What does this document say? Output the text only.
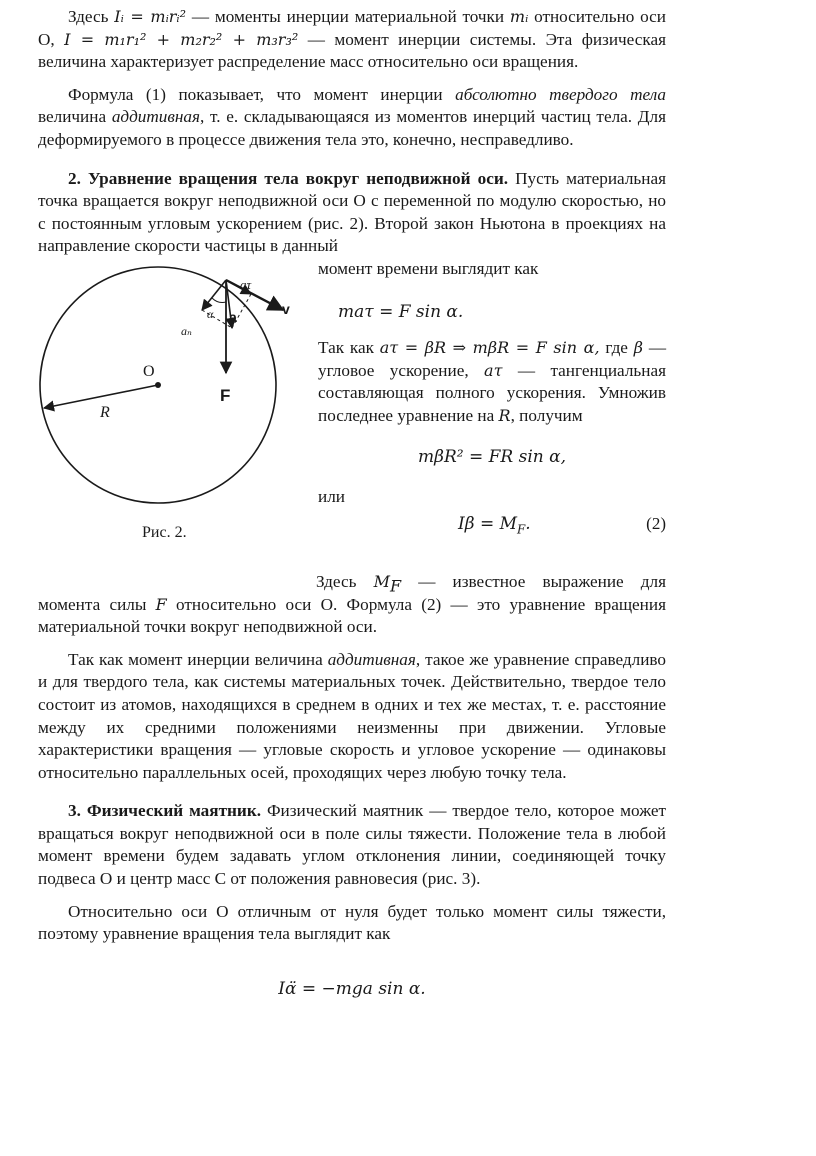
Здесь Iᵢ = mᵢrᵢ² — моменты инерции материальной точки mᵢ относительно оси O, I = m₁r₁² + m₂r₂² + m₃r₃² — момент инерции системы. Эта физическая величина характеризует распределение масс относительно оси вращения.

Формула (1) показывает, что момент инерции абсолютно твердого тела величина аддитивная, т. е. складывающаяся из моментов инерций частиц тела. Для деформируемого в процессе движения тела это, конечно, несправедливо.

2. Уравнение вращения тела вокруг неподвижной оси. Пусть материальная точка вращается вокруг неподвижной оси O с переменной по модулю скоростью, но с постоянным угловым ускорением (рис. 2). Второй закон Ньютона в проекциях на направление скорости частицы в данный

O
R
F
v
a
aτ
aₙ
α
Рис. 2.

момент времени выглядит как

maτ = F sin α.

Так как aτ = βR ⇒ mβR = F sin α, где β — угловое ускорение, aτ — тангенциальная составляющая полного ускорения. Умножив последнее уравнение на R, получим

mβR² = FR sin α,

или

$I\beta = M_F$.	(2)

Здесь $M_F$ — известное выражение для момента силы F относительно оси O. Формула (2) — это уравнение вращения материальной точки вокруг неподвижной оси.

Так как момент инерции величина аддитивная, такое же уравнение справедливо и для твердого тела, как системы материальных точек. Действительно, твердое тело состоит из атомов, находящихся в среднем в одних и тех же местах, т. е. расстояние между их средними положениями неизменны при движении. Угловые характеристики вращения — угловые скорость и угловое ускорение — одинаковы относительно параллельных осей, проходящих через любую точку тела.

3. Физический маятник. Физический маятник — твердое тело, которое может вращаться вокруг неподвижной оси в поле силы тяжести. Положение тела в любой момент времени будем задавать углом отклонения линии, соединяющей точку подвеса O и центр масс C от положения равновесия (рис. 3).

Относительно оси O отличным от нуля будет только момент силы тяжести, поэтому уравнение вращения тела выглядит как

Iα̈ = −mga sin α.
